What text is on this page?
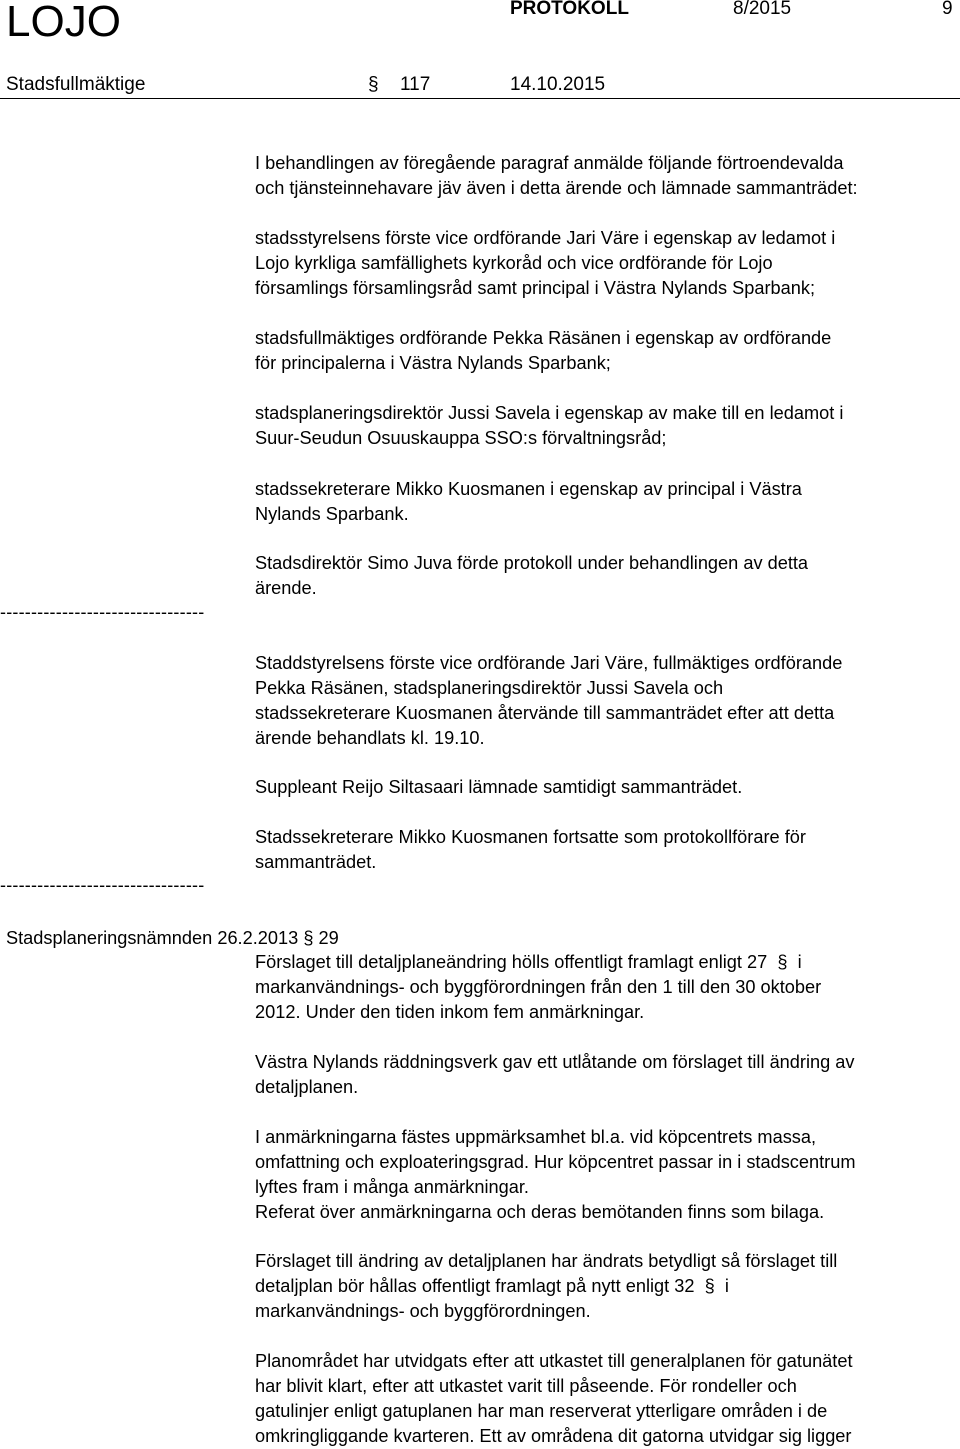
LOJO	PROTOKOLL	8/2015	9
Stadsfullmäktige	§ 117	14.10.2015
I behandlingen av föregående paragraf anmälde följande förtroendevalda
och tjänsteinnehavare jäv även i detta ärende och lämnade sammanträdet:
stadsstyrelsens förste vice ordförande Jari Väre i egenskap av ledamot i
Lojo kyrkliga samfällighets kyrkoråd och vice ordförande för Lojo
församlings församlingsråd samt principal i Västra Nylands Sparbank;
stadsfullmäktiges ordförande Pekka Räsänen i egenskap av ordförande
för principalerna i Västra Nylands Sparbank;
stadsplaneringsdirektör Jussi Savela i egenskap av make till en ledamot i
Suur-Seudun Osuuskauppa SSO:s förvaltningsråd;
stadssekreterare Mikko Kuosmanen i egenskap av principal i Västra
Nylands Sparbank.
Stadsdirektör Simo Juva förde protokoll under behandlingen av detta
ärende.
---------------------------------
Staddstyrelsens förste vice ordförande Jari Väre, fullmäktiges ordförande
Pekka Räsänen, stadsplaneringsdirektör Jussi Savela och
stadssekreterare Kuosmanen återvände till sammanträdet efter att detta
ärende behandlats kl. 19.10.
Suppleant Reijo Siltasaari lämnade samtidigt sammanträdet.
Stadssekreterare Mikko Kuosmanen fortsatte som protokollförare för
sammanträdet.
---------------------------------
Stadsplaneringsnämnden 26.2.2013 § 29
Förslaget till detaljplaneändring hölls offentligt framlagt enligt 27 § i
markanvändnings- och byggförordningen från den 1 till den 30 oktober
2012. Under den tiden inkom fem anmärkningar.
Västra Nylands räddningsverk gav ett utlåtande om förslaget till ändring av
detaljplanen.
I anmärkningarna fästes uppmärksamhet bl.a. vid köpcentrets massa,
omfattning och exploateringsgrad. Hur köpcentret passar in i stadscentrum
lyftes fram i många anmärkningar.
Referat över anmärkningarna och deras bemötanden finns som bilaga.
Förslaget till ändring av detaljplanen har ändrats betydligt så förslaget till
detaljplan bör hållas offentligt framlagt på nytt enligt 32 § i
markanvändnings- och byggförordningen.
Planområdet har utvidgats efter att utkastet till generalplanen för gatunätet
har blivit klart, efter att utkastet varit till påseende. För rondeller och
gatulinjer enligt gatuplanen har man reserverat ytterligare områden i de
omkringliggande kvarteren. Ett av områdena dit gatorna utvidgar sig ligger
